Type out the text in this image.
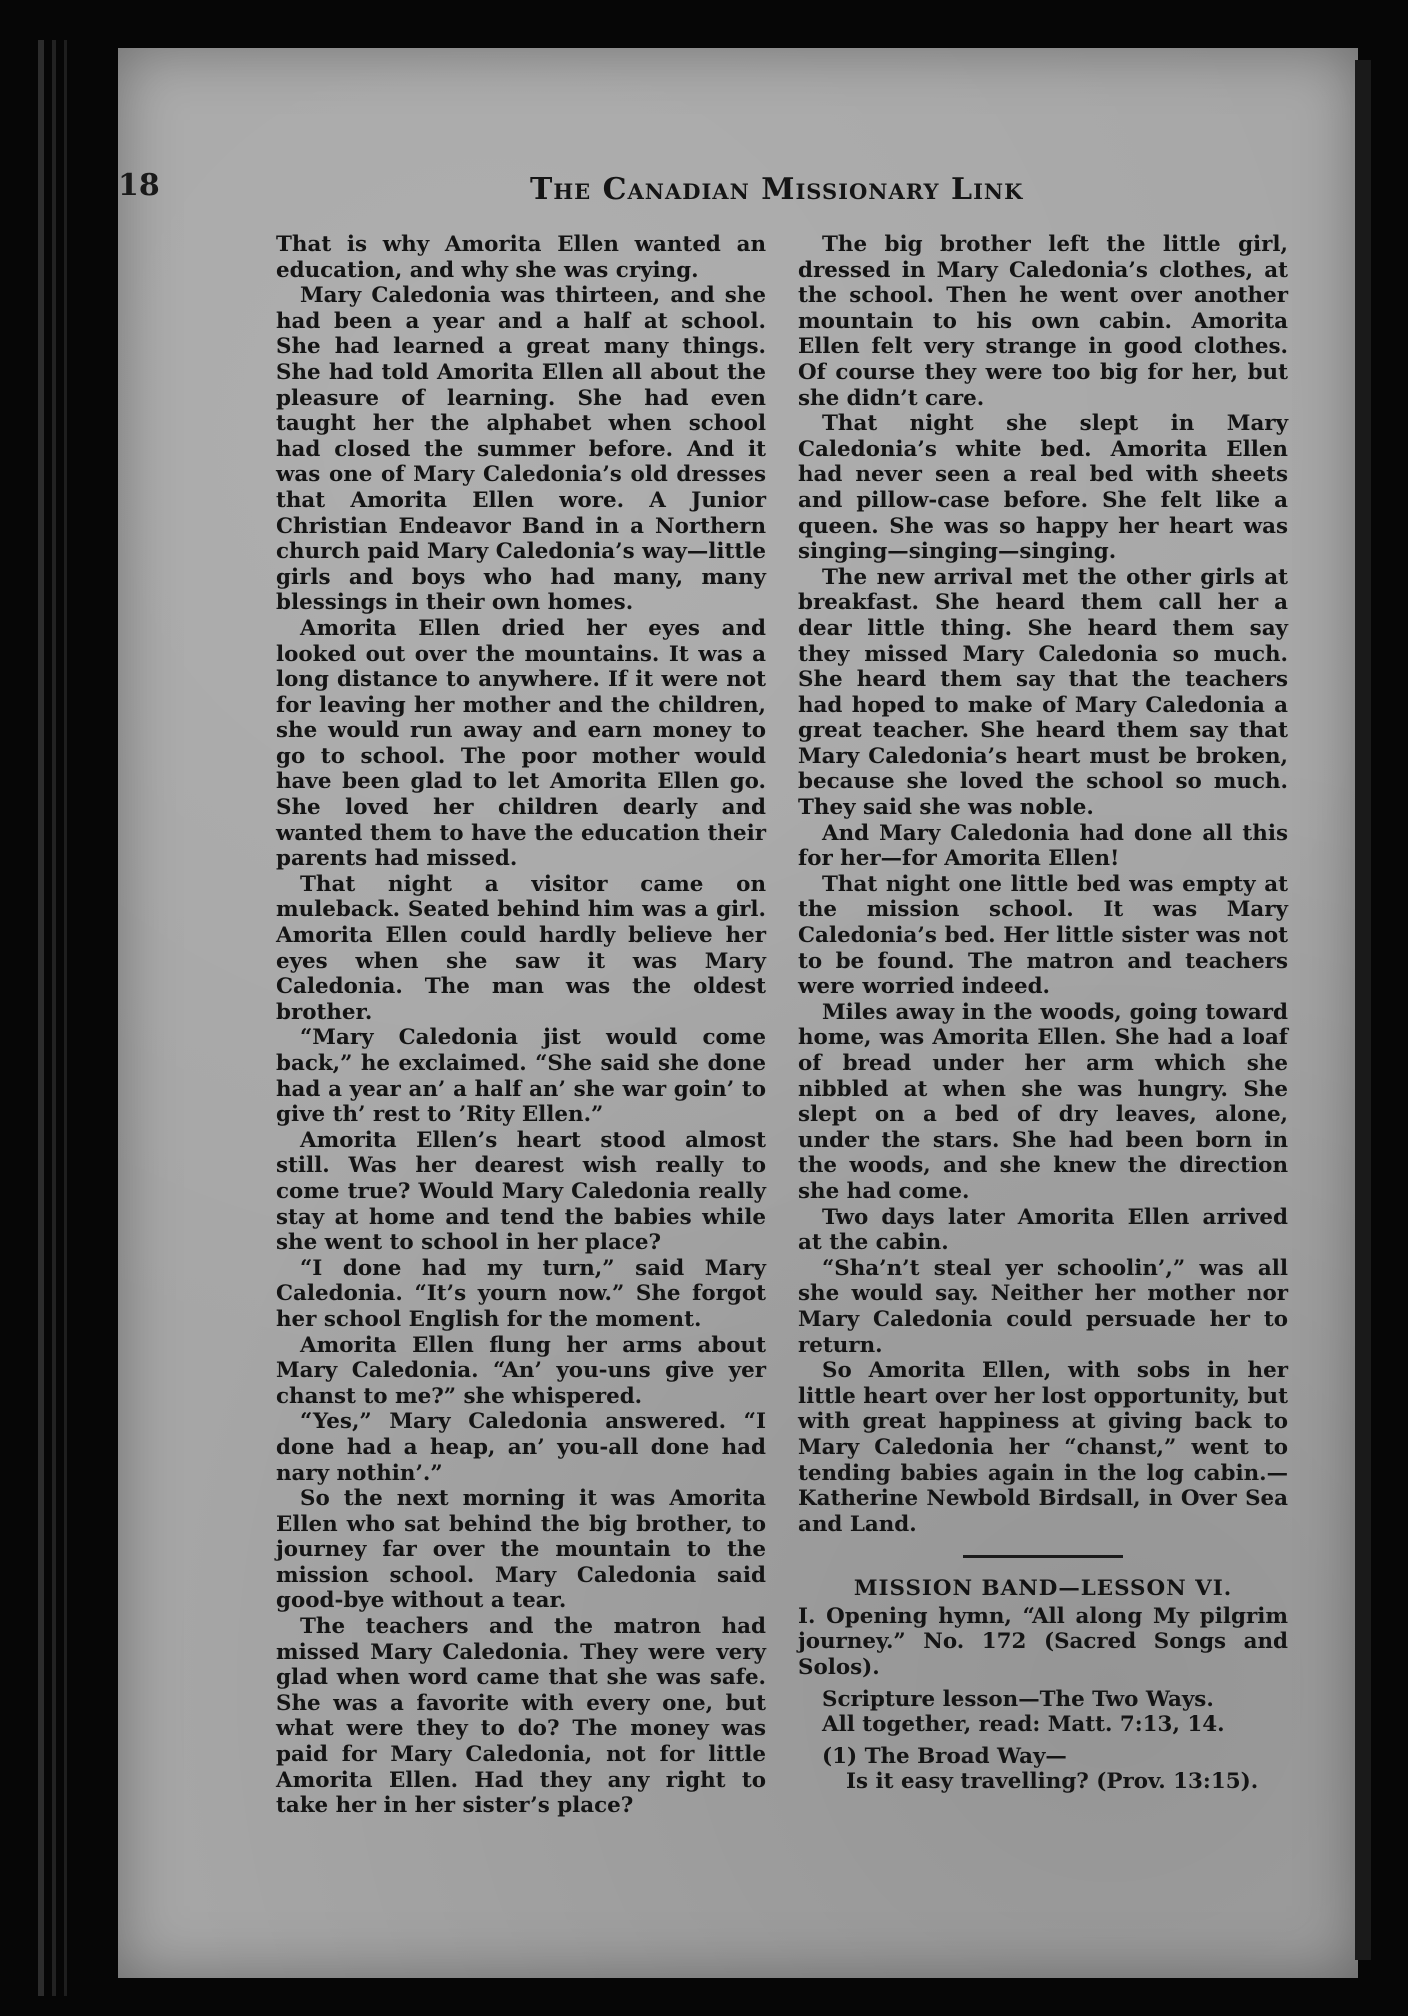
18	The Canadian Missionary Link

That is why Amorita Ellen wanted an education, and why she was crying.

Mary Caledonia was thirteen, and she had been a year and a half at school. She had learned a great many things. She had told Amorita Ellen all about the pleasure of learning. She had even taught her the alphabet when school had closed the summer before. And it was one of Mary Caledonia’s old dresses that Amorita Ellen wore. A Junior Christian Endeavor Band in a Northern church paid Mary Caledonia’s way—little girls and boys who had many, many blessings in their own homes.

Amorita Ellen dried her eyes and looked out over the mountains. It was a long distance to anywhere. If it were not for leaving her mother and the children, she would run away and earn money to go to school. The poor mother would have been glad to let Amorita Ellen go. She loved her children dearly and wanted them to have the education their parents had missed.

That night a visitor came on muleback. Seated behind him was a girl. Amorita Ellen could hardly believe her eyes when she saw it was Mary Caledonia. The man was the oldest brother.

“Mary Caledonia jist would come back,” he exclaimed. “She said she done had a year an’ a half an’ she war goin’ to give th’ rest to ’Rity Ellen.”

Amorita Ellen’s heart stood almost still. Was her dearest wish really to come true? Would Mary Caledonia really stay at home and tend the babies while she went to school in her place?

“I done had my turn,” said Mary Caledonia. “It’s yourn now.” She forgot her school English for the moment.

Amorita Ellen flung her arms about Mary Caledonia. “An’ you-uns give yer chanst to me?” she whispered.

“Yes,” Mary Caledonia answered. “I done had a heap, an’ you-all done had nary nothin’.”

So the next morning it was Amorita Ellen who sat behind the big brother, to journey far over the mountain to the mission school. Mary Caledonia said good-bye without a tear.

The teachers and the matron had missed Mary Caledonia. They were very glad when word came that she was safe. She was a favorite with every one, but what were they to do? The money was paid for Mary Caledonia, not for little Amorita Ellen. Had they any right to take her in her sister’s place?

The big brother left the little girl, dressed in Mary Caledonia’s clothes, at the school. Then he went over another mountain to his own cabin. Amorita Ellen felt very strange in good clothes. Of course they were too big for her, but she didn’t care.

That night she slept in Mary Caledonia’s white bed. Amorita Ellen had never seen a real bed with sheets and pillow-case before. She felt like a queen. She was so happy her heart was singing—singing—singing.

The new arrival met the other girls at breakfast. She heard them call her a dear little thing. She heard them say they missed Mary Caledonia so much. She heard them say that the teachers had hoped to make of Mary Caledonia a great teacher. She heard them say that Mary Caledonia’s heart must be broken, because she loved the school so much. They said she was noble.

And Mary Caledonia had done all this for her—for Amorita Ellen!

That night one little bed was empty at the mission school. It was Mary Caledonia’s bed. Her little sister was not to be found. The matron and teachers were worried indeed.

Miles away in the woods, going toward home, was Amorita Ellen. She had a loaf of bread under her arm which she nibbled at when she was hungry. She slept on a bed of dry leaves, alone, under the stars. She had been born in the woods, and she knew the direction she had come.

Two days later Amorita Ellen arrived at the cabin.

“Sha’n’t steal yer schoolin’,” was all she would say. Neither her mother nor Mary Caledonia could persuade her to return.

So Amorita Ellen, with sobs in her little heart over her lost opportunity, but with great happiness at giving back to Mary Caledonia her “chanst,” went to tending babies again in the log cabin.—Katherine Newbold Birdsall, in Over Sea and Land.

MISSION BAND—LESSON VI.

I. Opening hymn, “All along My pilgrim journey.” No. 172 (Sacred Songs and Solos).

Scripture lesson—The Two Ways.

All together, read: Matt. 7:13, 14.

(1) The Broad Way—

Is it easy travelling? (Prov. 13:15).
